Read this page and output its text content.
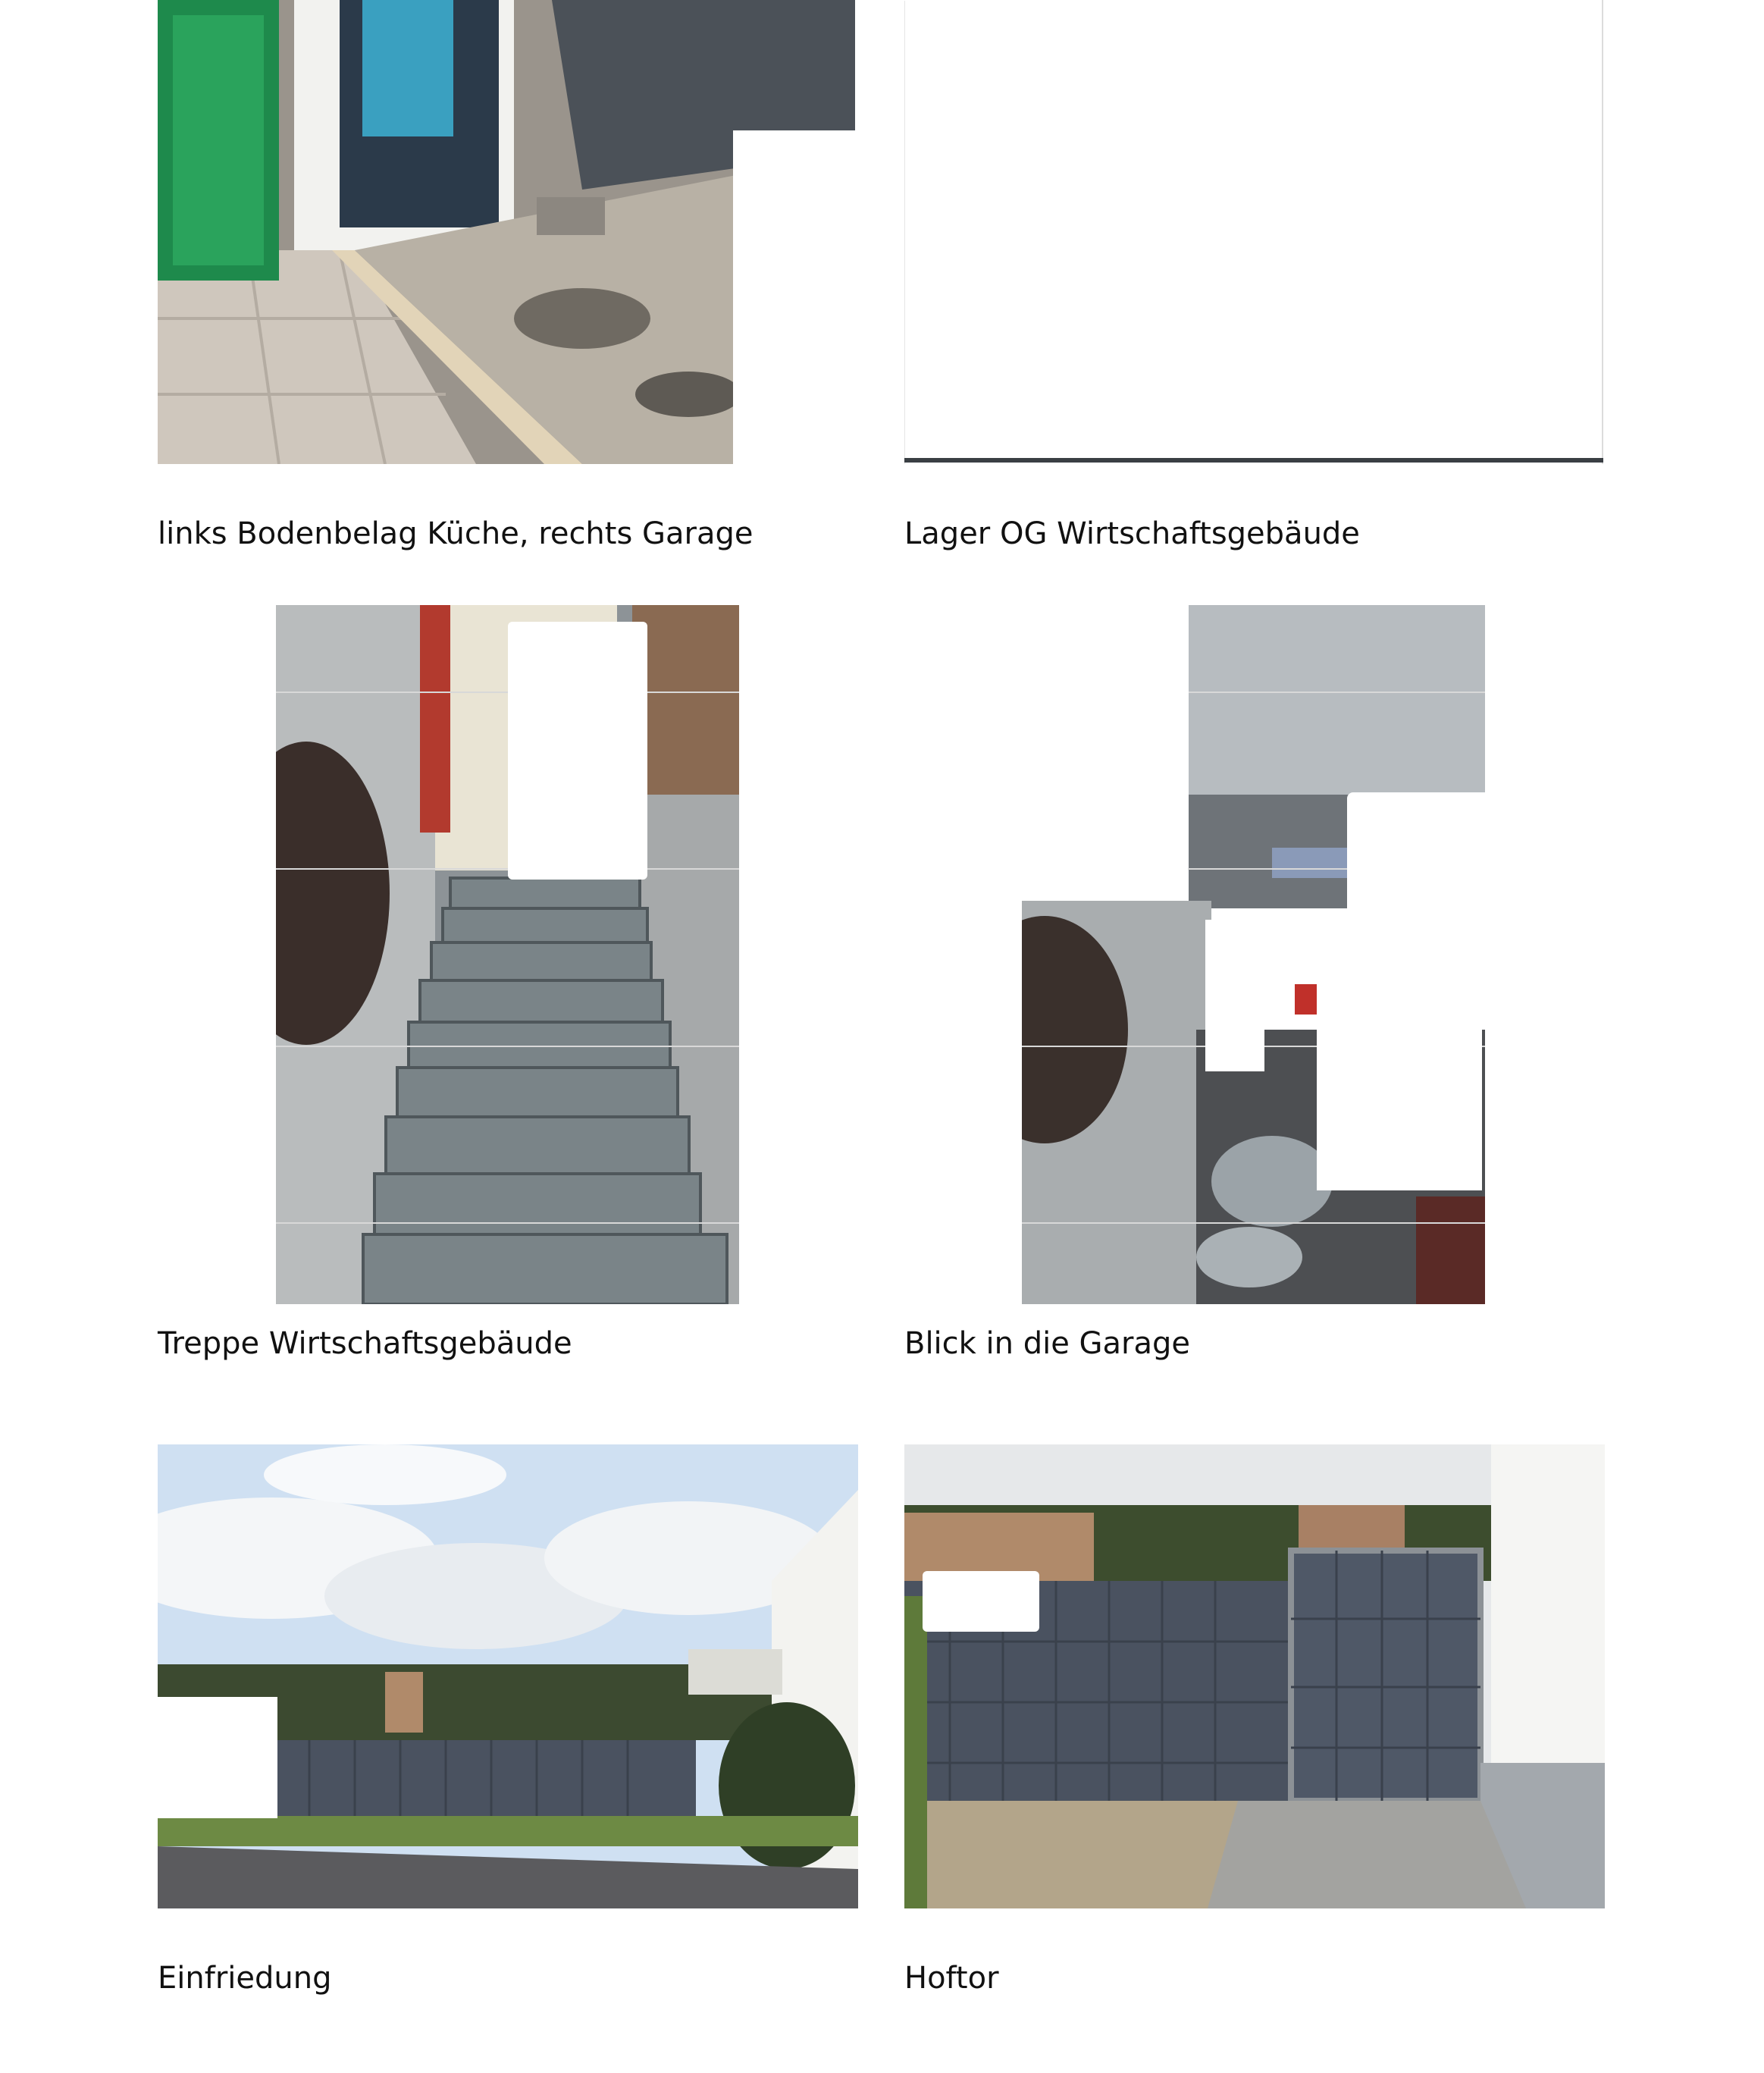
links Bodenbelag Küche, rechts Garage	Lager OG Wirtschaftsgebäude
Treppe Wirtschaftsgebäude	Blick in die Garage
Einfriedung	Hoftor
